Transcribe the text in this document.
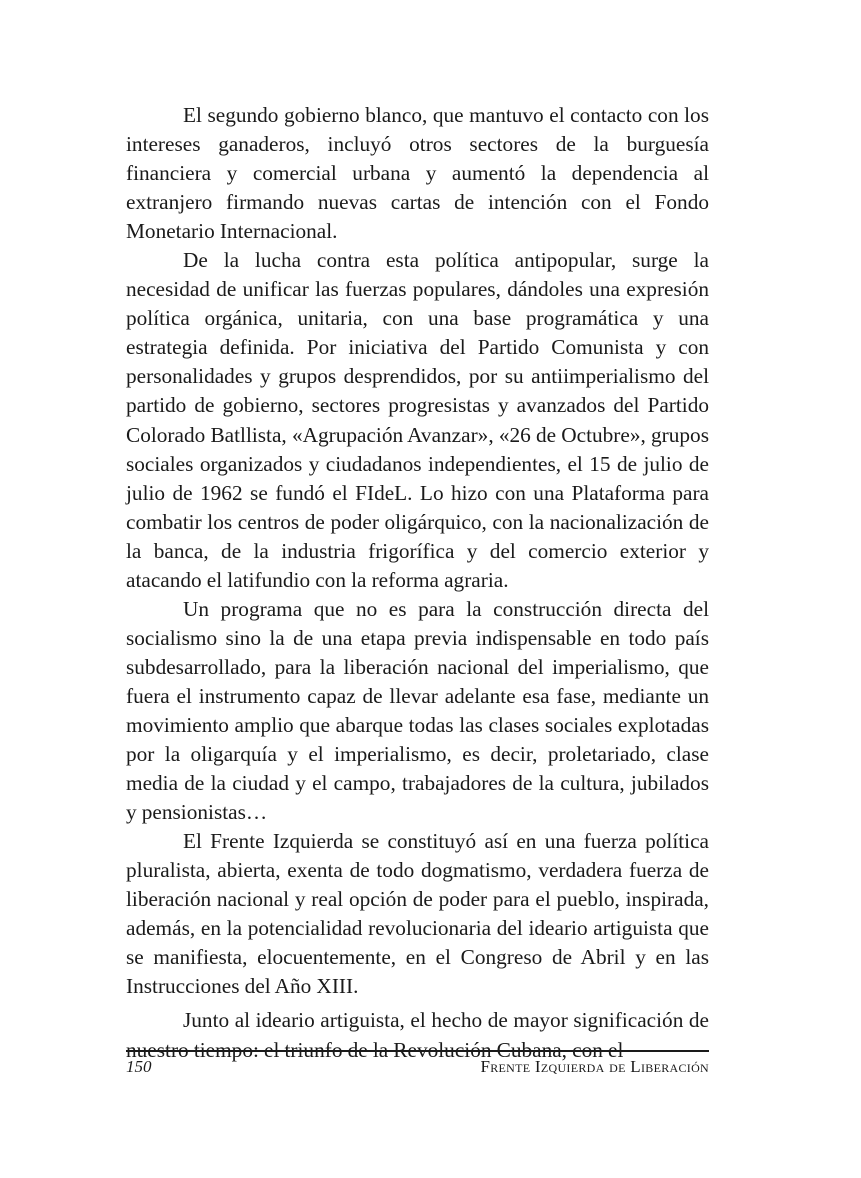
El segundo gobierno blanco, que mantuvo el contacto con los intereses ganaderos, incluyó otros sectores de la burguesía financiera y comercial urbana y aumentó la dependencia al extranjero firmando nuevas cartas de intención con el Fondo Monetario Internacional.

De la lucha contra esta política antipopular, surge la necesidad de unificar las fuerzas populares, dándoles una expresión política orgánica, unitaria, con una base programática y una estrategia definida. Por iniciativa del Partido Comunista y con personalidades y grupos desprendidos, por su antiimperialismo del partido de gobierno, sectores progresistas y avanzados del Partido Colorado Batllista, «Agrupación Avanzar», «26 de Octubre», grupos sociales organizados y ciudadanos independientes, el 15 de julio de julio de 1962 se fundó el FIdeL. Lo hizo con una Plataforma para combatir los centros de poder oligárquico, con la nacionalización de la banca, de la industria frigorífica y del comercio exterior y atacando el latifundio con la reforma agraria.

Un programa que no es para la construcción directa del socialismo sino la de una etapa previa indispensable en todo país subdesarrollado, para la liberación nacional del imperialismo, que fuera el instrumento capaz de llevar adelante esa fase, mediante un movimiento amplio que abarque todas las clases sociales explotadas por la oligarquía y el imperialismo, es decir, proletariado, clase media de la ciudad y el campo, trabajadores de la cultura, jubilados y pensionistas…

El Frente Izquierda se constituyó así en una fuerza política pluralista, abierta, exenta de todo dogmatismo, verdadera fuerza de liberación nacional y real opción de poder para el pueblo, inspirada, además, en la potencialidad revolucionaria del ideario artiguista que se manifiesta, elocuentemente, en el Congreso de Abril y en las Instrucciones del Año XIII.

Junto al ideario artiguista, el hecho de mayor significación de nuestro tiempo: el triunfo de la Revolución Cubana, con el

150	Frente Izquierda de Liberación
